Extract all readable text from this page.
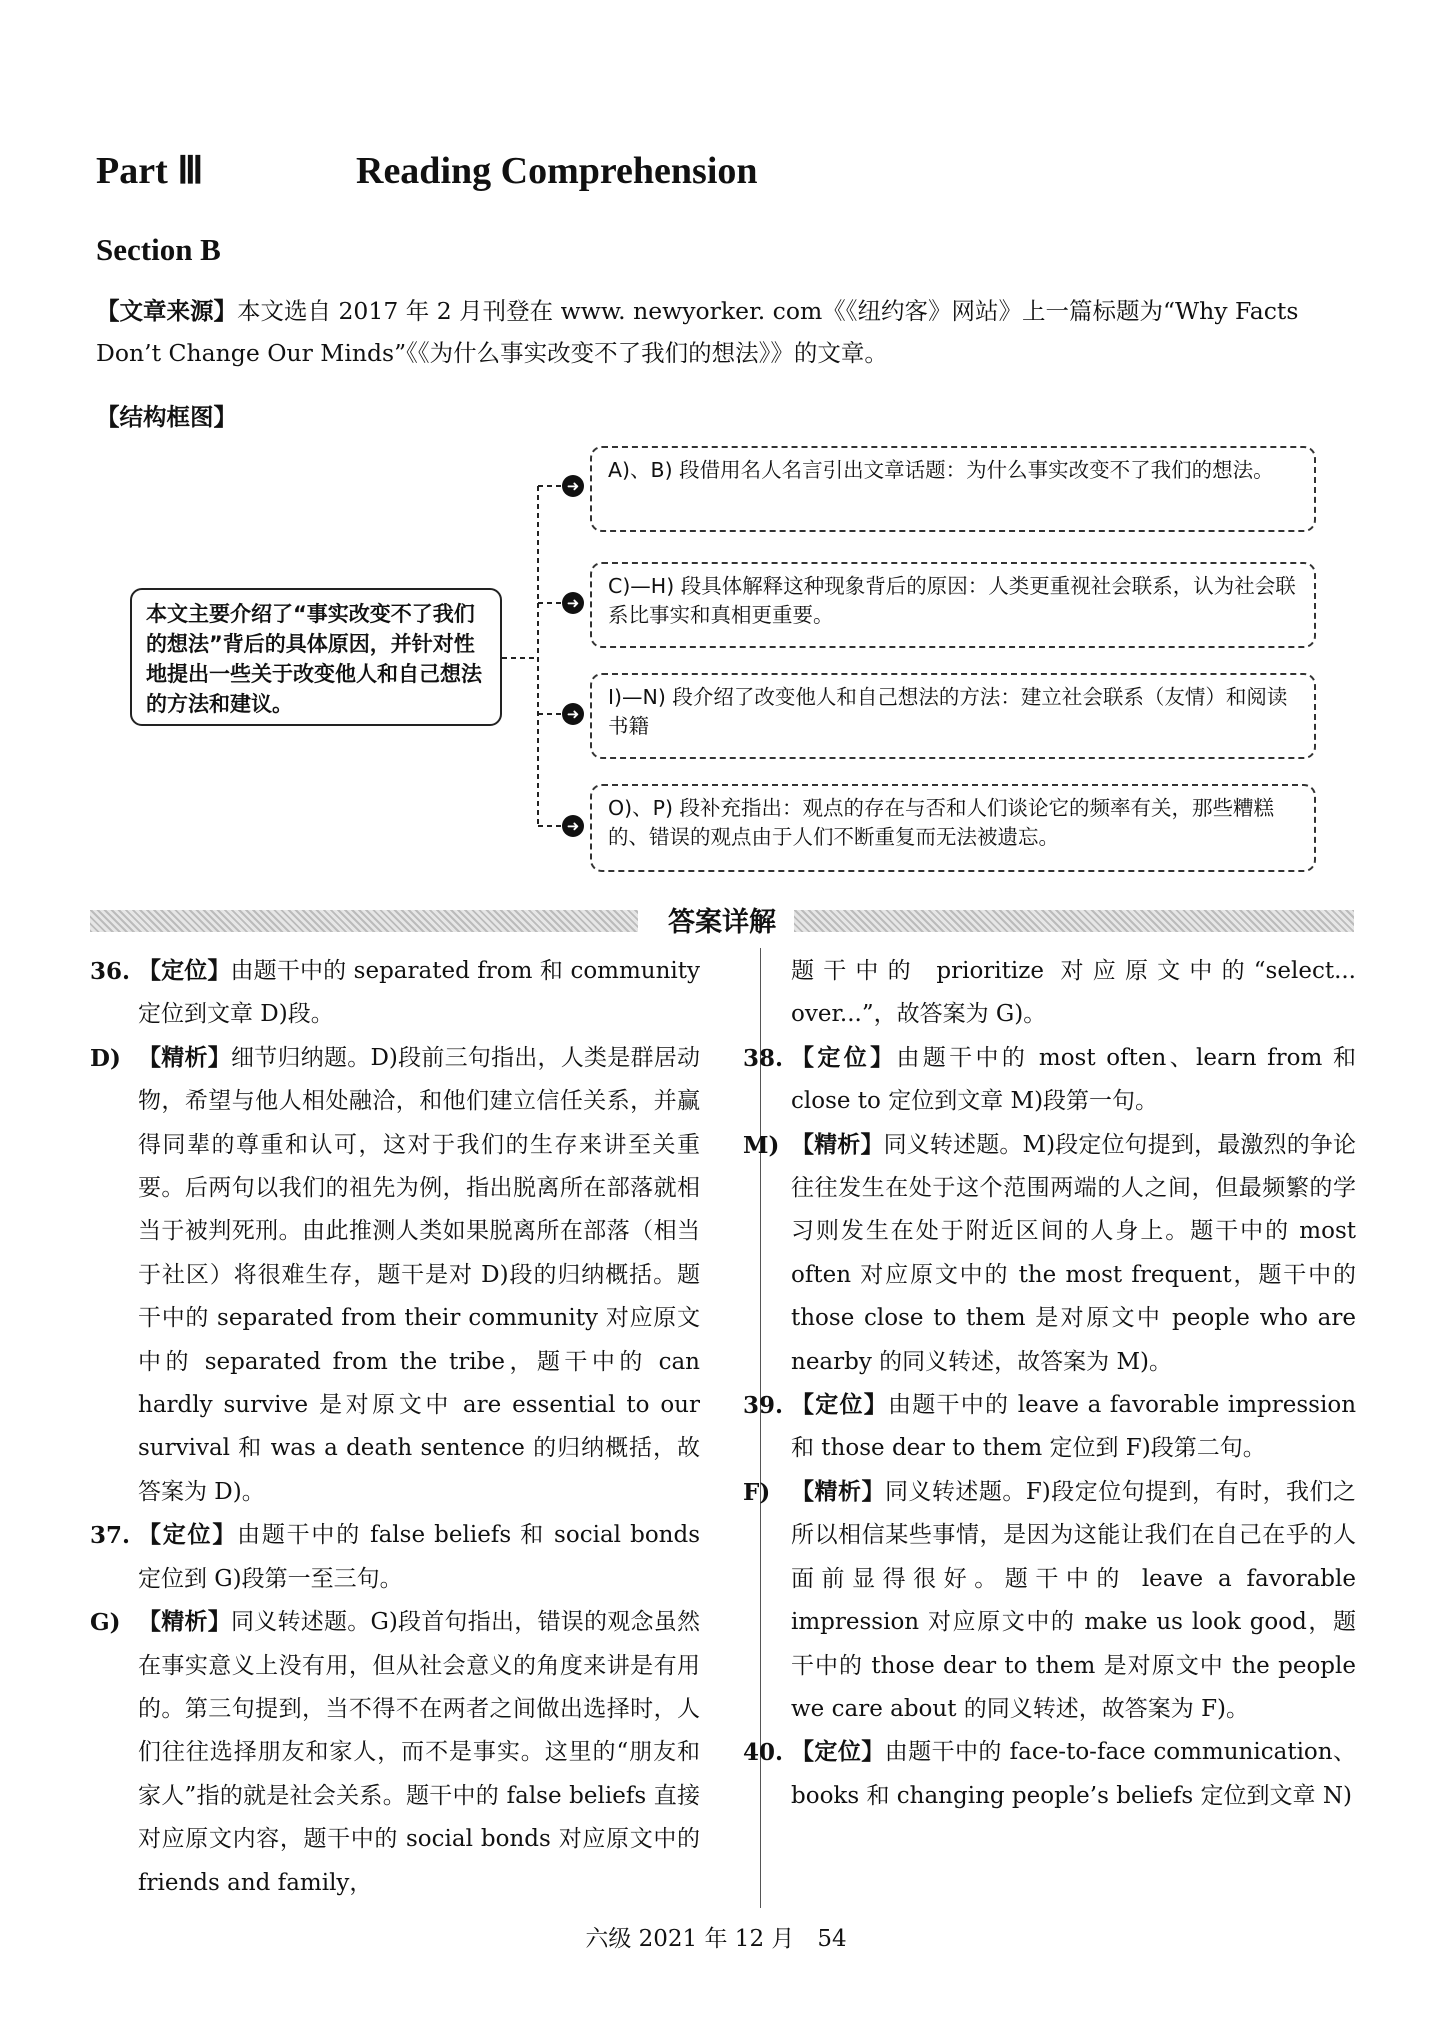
Part Ⅲ	Reading Comprehension
Section B
【文章来源】本文选自 2017 年 2 月刊登在 www. newyorker. com《《纽约客》网站》上一篇标题为“Why Facts Don’t Change Our Minds”《《为什么事实改变不了我们的想法》》的文章。
【结构框图】
本文主要介绍了“事实改变不了我们的想法”背后的具体原因，并针对性地提出一些关于改变他人和自己想法的方法和建议。
➜
➜
➜
➜
A)、B) 段借用名人名言引出文章话题：为什么事实改变不了我们的想法。
C)—H) 段具体解释这种现象背后的原因：人类更重视社会联系，认为社会联系比事实和真相更重要。
I)—N) 段介绍了改变他人和自己想法的方法：建立社会联系（友情）和阅读书籍
O)、P) 段补充指出：观点的存在与否和人们谈论它的频率有关，那些糟糕的、错误的观点由于人们不断重复而无法被遗忘。
答案详解
36. 【定位】由题干中的 separated from 和 community 定位到文章 D)段。
D) 【精析】细节归纳题。D)段前三句指出，人类是群居动物，希望与他人相处融洽，和他们建立信任关系，并赢得同辈的尊重和认可，这对于我们的生存来讲至关重要。后两句以我们的祖先为例，指出脱离所在部落就相当于被判死刑。由此推测人类如果脱离所在部落（相当于社区）将很难生存，题干是对 D)段的归纳概括。题干中的 separated from their community 对应原文中的 separated from the tribe，题干中的 can hardly survive 是对原文中 are essential to our survival 和 was a death sentence 的归纳概括，故答案为 D)。
37. 【定位】由题干中的 false beliefs 和 social bonds 定位到 G)段第一至三句。
G) 【精析】同义转述题。G)段首句指出，错误的观念虽然在事实意义上没有用，但从社会意义的角度来讲是有用的。第三句提到，当不得不在两者之间做出选择时，人们往往选择朋友和家人，而不是事实。这里的“朋友和家人”指的就是社会关系。题干中的 false beliefs 直接对应原文内容，题干中的 social bonds 对应原文中的 friends and family，
题干中的 prioritize 对应原文中的“select... over...”，故答案为 G)。
38. 【定位】由题干中的 most often、learn from 和 close to 定位到文章 M)段第一句。
M) 【精析】同义转述题。M)段定位句提到，最激烈的争论往往发生在处于这个范围两端的人之间，但最频繁的学习则发生在处于附近区间的人身上。题干中的 most often 对应原文中的 the most frequent，题干中的 those close to them 是对原文中 people who are nearby 的同义转述，故答案为 M)。
39. 【定位】由题干中的 leave a favorable impression 和 those dear to them 定位到 F)段第二句。
F) 【精析】同义转述题。F)段定位句提到，有时，我们之所以相信某些事情，是因为这能让我们在自己在乎的人面前显得很好。题干中的 leave a favorable impression 对应原文中的 make us look good，题干中的 those dear to them 是对原文中 the people we care about 的同义转述，故答案为 F)。
40. 【定位】由题干中的 face-to-face communication、books 和 changing people’s beliefs 定位到文章 N)
六级 2021 年 12 月　54
